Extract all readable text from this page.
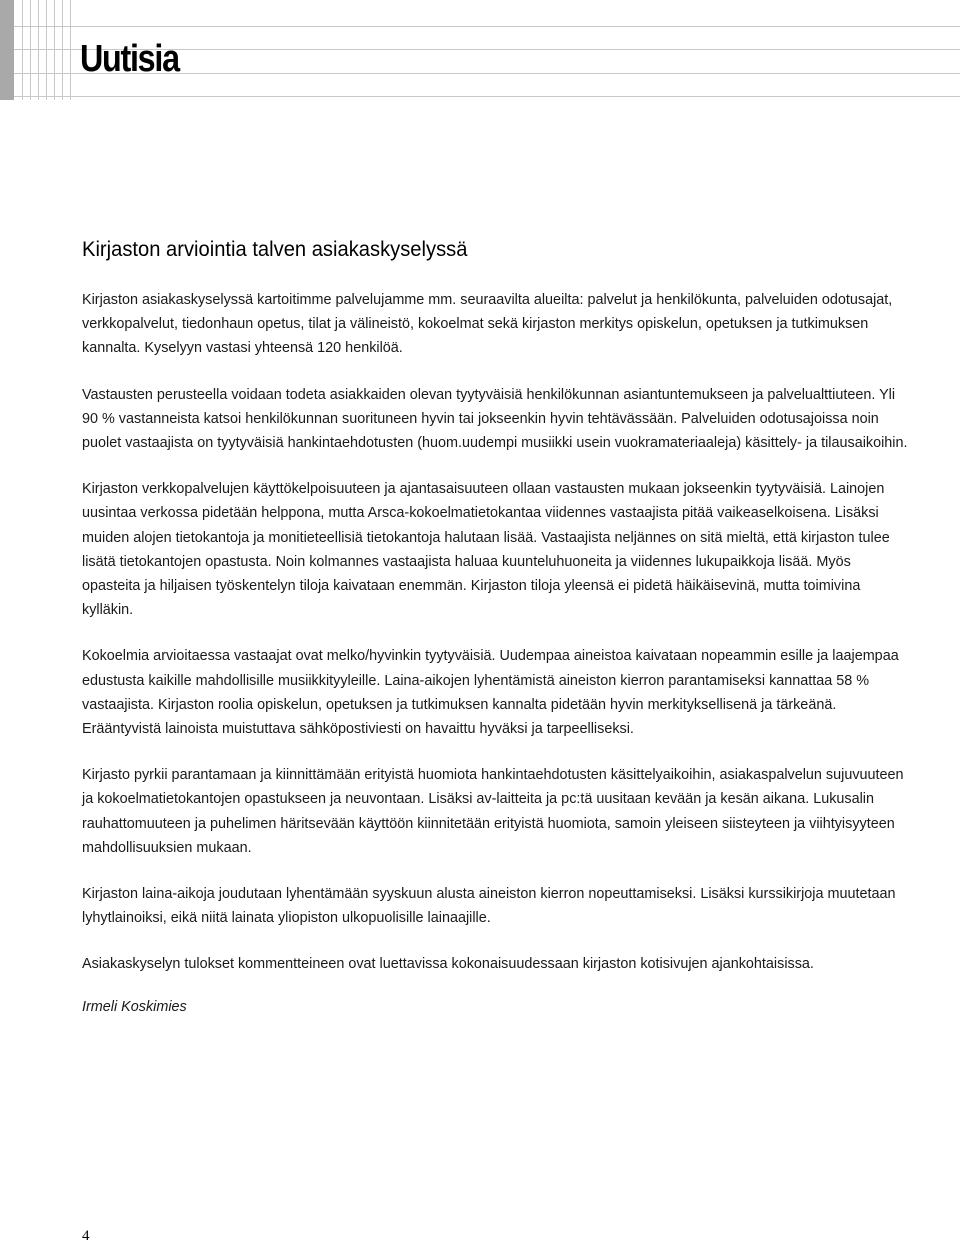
Uutisia
Kirjaston arviointia talven asiakaskyselyssä

Kirjaston asiakaskyselyssä kartoitimme palvelujamme mm. seuraavilta alueilta: palvelut ja henkilökunta, palveluiden odotusajat, verkkopalvelut, tiedonhaun opetus, tilat ja välineistö, kokoelmat sekä kirjaston merkitys opiskelun, opetuksen ja tutkimuksen kannalta. Kyselyyn vastasi yhteensä 120 henkilöä.

Vastausten perusteella voidaan todeta asiakkaiden olevan tyytyväisiä henkilökunnan asiantuntemukseen ja palvelualttiuteen. Yli 90 % vastanneista katsoi henkilökunnan suorituneen hyvin tai jokseenkin hyvin tehtävässään. Palveluiden odotusajoissa noin puolet vastaajista on tyytyväisiä hankintaehdotusten (huom.uudempi musiikki usein vuokramateriaaleja) käsittely- ja tilausaikoihin.

Kirjaston verkkopalvelujen käyttökelpoisuuteen ja ajantasaisuuteen ollaan vastausten mukaan jokseenkin tyytyväisiä. Lainojen uusintaa verkossa pidetään helppona, mutta Arsca-kokoelmatietokantaa viidennes vastaajista pitää vaikeaselkoisena. Lisäksi muiden alojen tietokantoja ja monitieteellisiä tietokantoja halutaan lisää. Vastaajista neljännes on sitä mieltä, että kirjaston tulee lisätä tietokantojen opastusta. Noin kolmannes vastaajista haluaa kuunteluhuoneita ja viidennes lukupaikkoja lisää. Myös opasteita ja hiljaisen työskentelyn tiloja kaivataan enemmän. Kirjaston tiloja yleensä ei pidetä häikäisevinä, mutta toimivina kylläkin.

Kokoelmia arvioitaessa vastaajat ovat melko/hyvinkin tyytyväisiä. Uudempaa aineistoa kaivataan nopeammin esille ja laajempaa edustusta kaikille mahdollisille musiikkityyleille. Laina-aikojen lyhentämistä aineiston kierron parantamiseksi kannattaa 58 % vastaajista. Kirjaston roolia opiskelun, opetuksen ja tutkimuksen kannalta pidetään hyvin merkityksellisenä ja tärkeänä. Erääntyvistä lainoista muistuttava sähköpostiviesti on havaittu hyväksi ja tarpeelliseksi.

Kirjasto pyrkii parantamaan ja kiinnittämään erityistä huomiota hankintaehdotusten käsittelyaikoihin, asiakaspalvelun sujuvuuteen ja kokoelmatietokantojen opastukseen ja neuvontaan. Lisäksi av-laitteita ja pc:tä uusitaan kevään ja kesän aikana. Lukusalin rauhattomuuteen ja puhelimen häritsevään käyttöön kiinnitetään erityistä huomiota, samoin yleiseen siisteyteen ja viihtyisyyteen mahdollisuuksien mukaan.

Kirjaston laina-aikoja joudutaan lyhentämään syyskuun alusta aineiston kierron nopeuttamiseksi. Lisäksi kurssikirjoja muutetaan lyhytlainoiksi, eikä niitä lainata yliopiston ulkopuolisille lainaajille.

Asiakaskyselyn tulokset kommentteineen ovat luettavissa kokonaisuudessaan kirjaston kotisivujen ajankohtaisissa.

Irmeli Koskimies
4
